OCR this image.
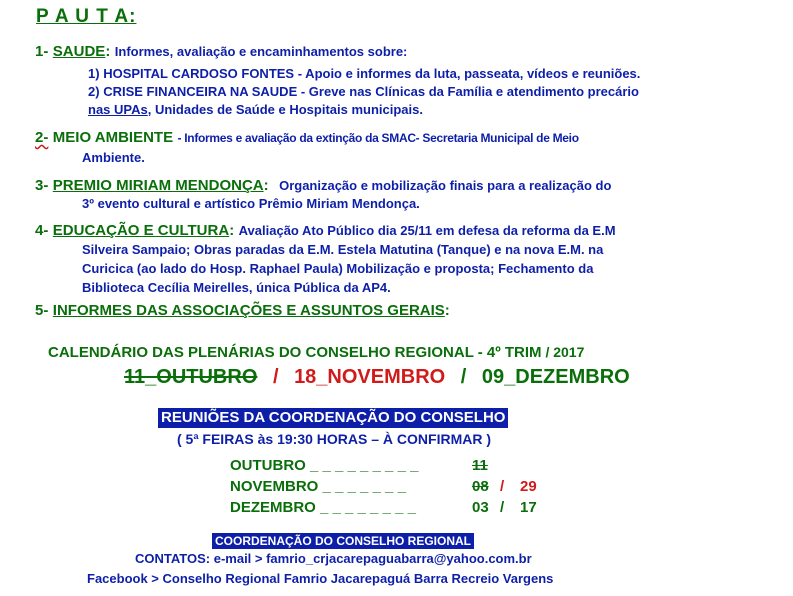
P A U T A:
1- SAUDE: Informes, avaliação e encaminhamentos sobre:
1) HOSPITAL CARDOSO FONTES - Apoio e informes da luta, passeata, vídeos e reuniões.
2) CRISE FINANCEIRA NA SAUDE - Greve nas Clínicas da Família e atendimento precário
nas UPAs, Unidades de Saúde e Hospitais municipais.
2- MEIO AMBIENTE - Informes e avaliação da extinção da SMAC- Secretaria Municipal de Meio
Ambiente.
3- PREMIO MIRIAM MENDONÇA: Organização e mobilização finais para a realização do
3º evento cultural e artístico Prêmio Miriam Mendonça.
4- EDUCAÇÃO E CULTURA: Avaliação Ato Público dia 25/11 em defesa da reforma da E.M
Silveira Sampaio; Obras paradas da E.M. Estela Matutina (Tanque) e na nova E.M. na
Curicica (ao lado do Hosp. Raphael Paula) Mobilização e proposta; Fechamento da
Biblioteca Cecília Meirelles, única Pública da AP4.
5- INFORMES DAS ASSOCIAÇÕES E ASSUNTOS GERAIS:
CALENDÁRIO DAS PLENÁRIAS DO CONSELHO REGIONAL - 4º TRIM / 2017
11_OUTUBRO / 18_NOVEMBRO / 09_DEZEMBRO
REUNIÕES DA COORDENAÇÃO DO CONSELHO
( 5ª FEIRAS às 19:30 HORAS – À CONFIRMAR )
OUTUBRO _ _ _ _ _ _ _ _ _	11
NOVEMBRO _ _ _ _ _ _ _	08 / 29
DEZEMBRO _ _ _ _ _ _ _ _	03 / 17
COORDENAÇÃO DO CONSELHO REGIONAL
CONTATOS: e-mail > famrio_crjacarepaguabarra@yahoo.com.br
Facebook > Conselho Regional Famrio Jacarepaguá Barra Recreio Vargens
